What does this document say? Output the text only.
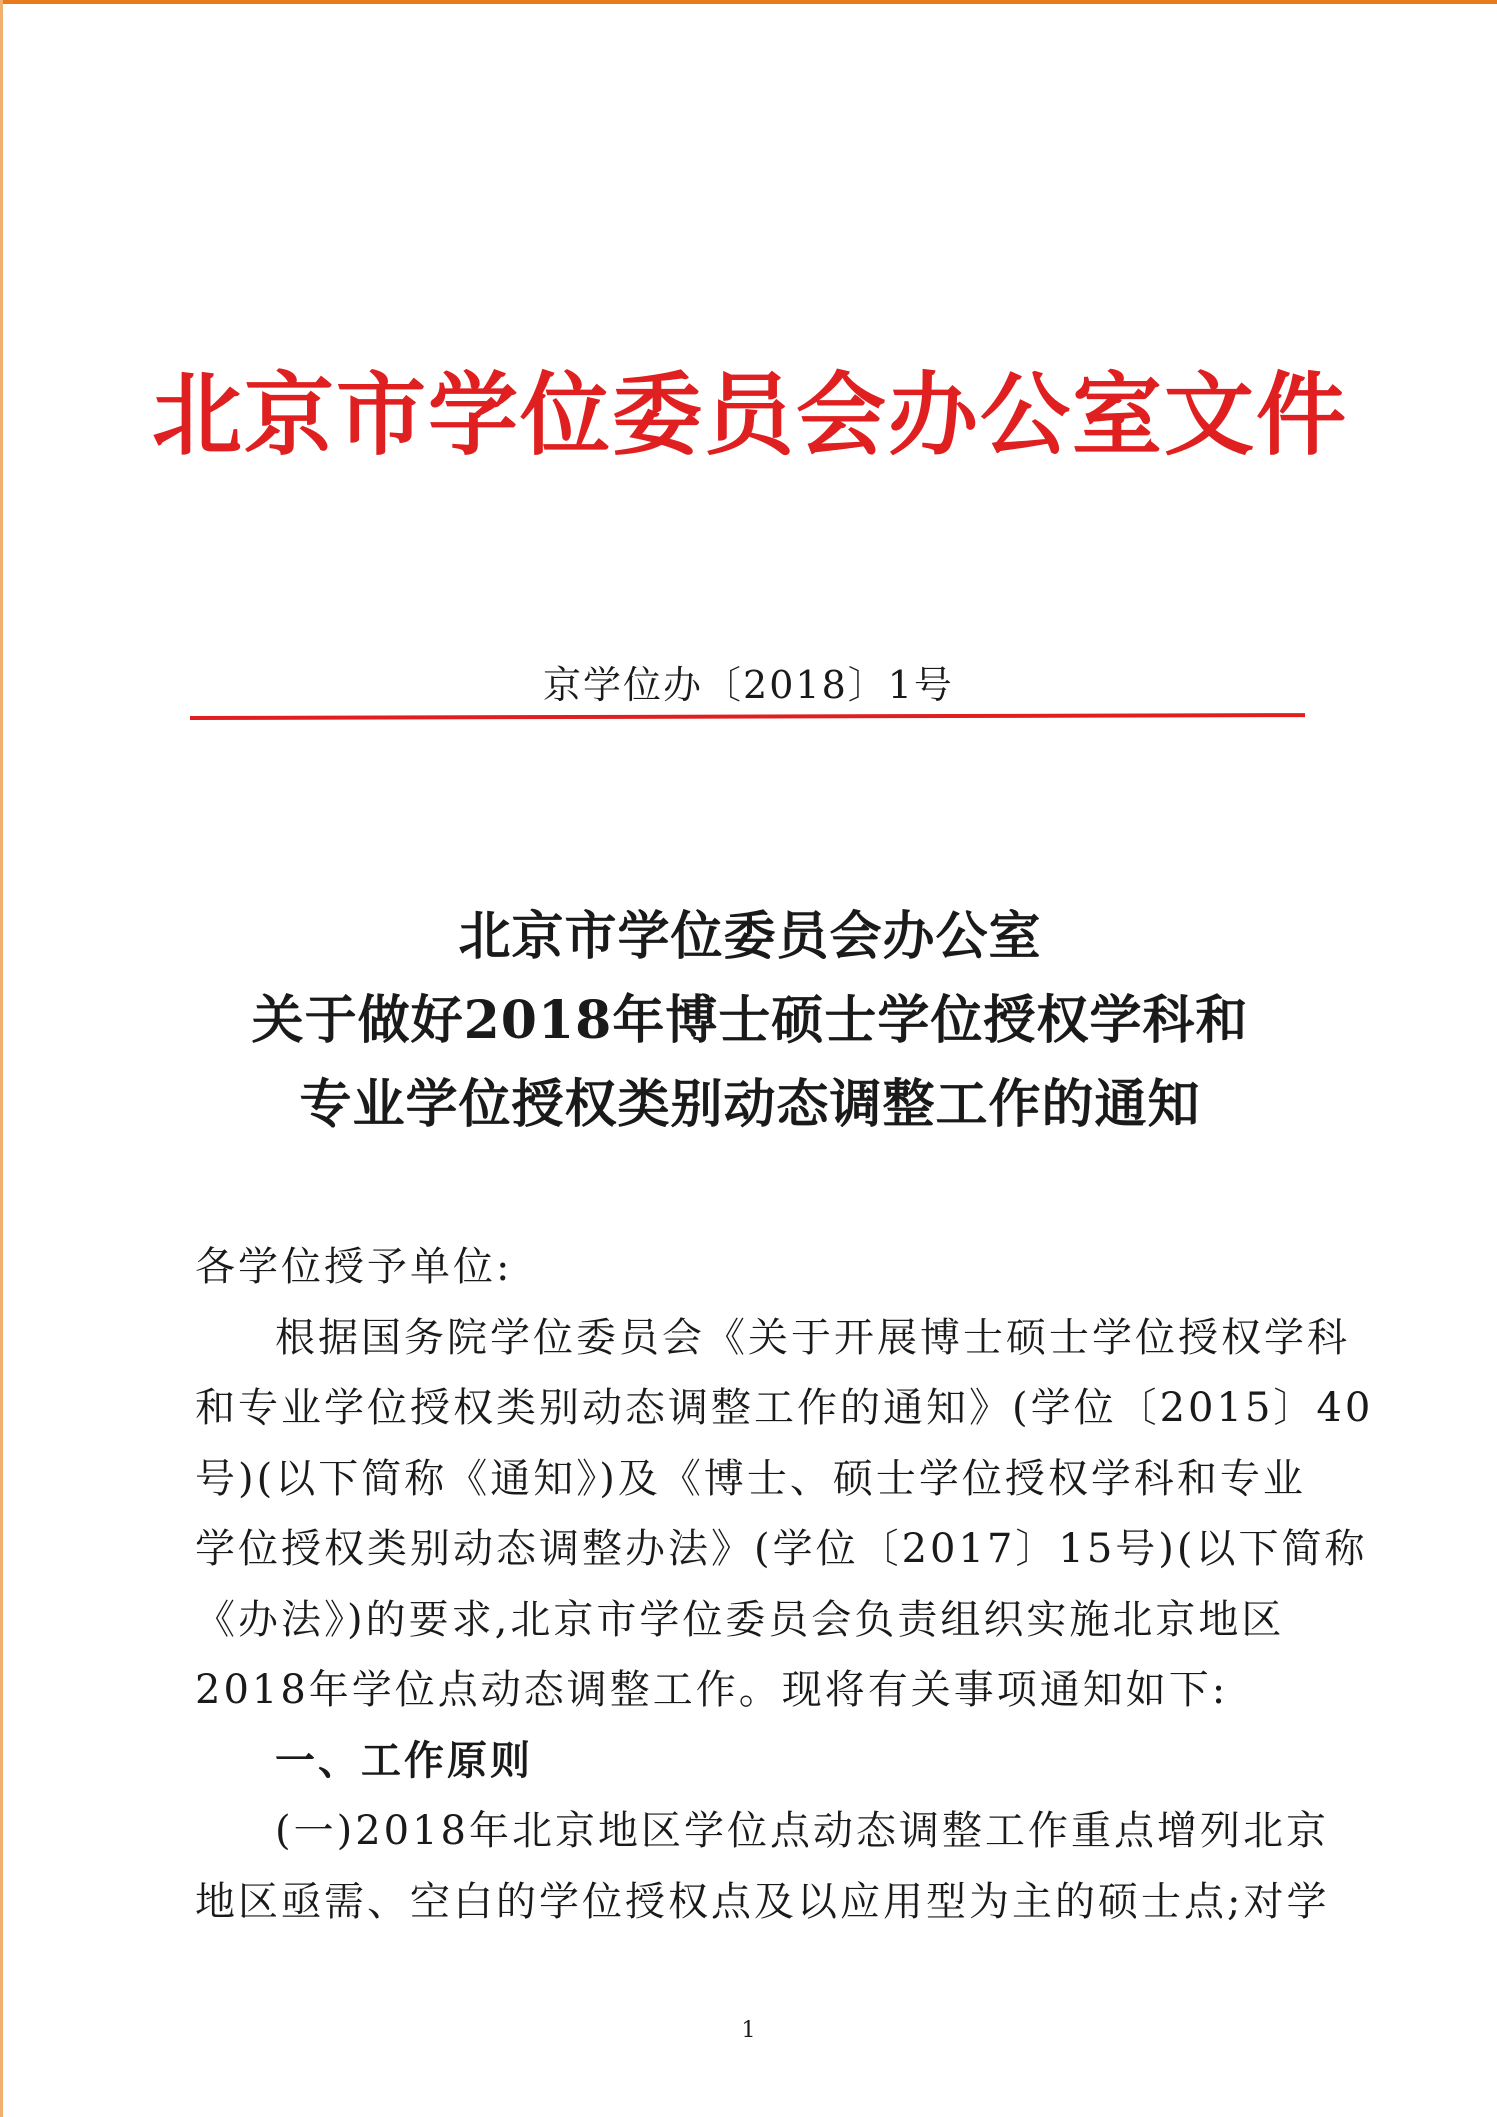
北京市学位委员会办公室文件
京学位办〔2018〕1号
北京市学位委员会办公室
关于做好2018年博士硕士学位授权学科和
专业学位授权类别动态调整工作的通知
各学位授予单位:
根据国务院学位委员会《关于开展博士硕士学位授权学科
和专业学位授权类别动态调整工作的通知》(学位〔2015〕40
号)(以下简称《通知》)及《博士、硕士学位授权学科和专业
学位授权类别动态调整办法》(学位〔2017〕15号)(以下简称
《办法》)的要求,北京市学位委员会负责组织实施北京地区
2018年学位点动态调整工作。现将有关事项通知如下:
一、工作原则
(一)2018年北京地区学位点动态调整工作重点增列北京
地区亟需、空白的学位授权点及以应用型为主的硕士点;对学
1
